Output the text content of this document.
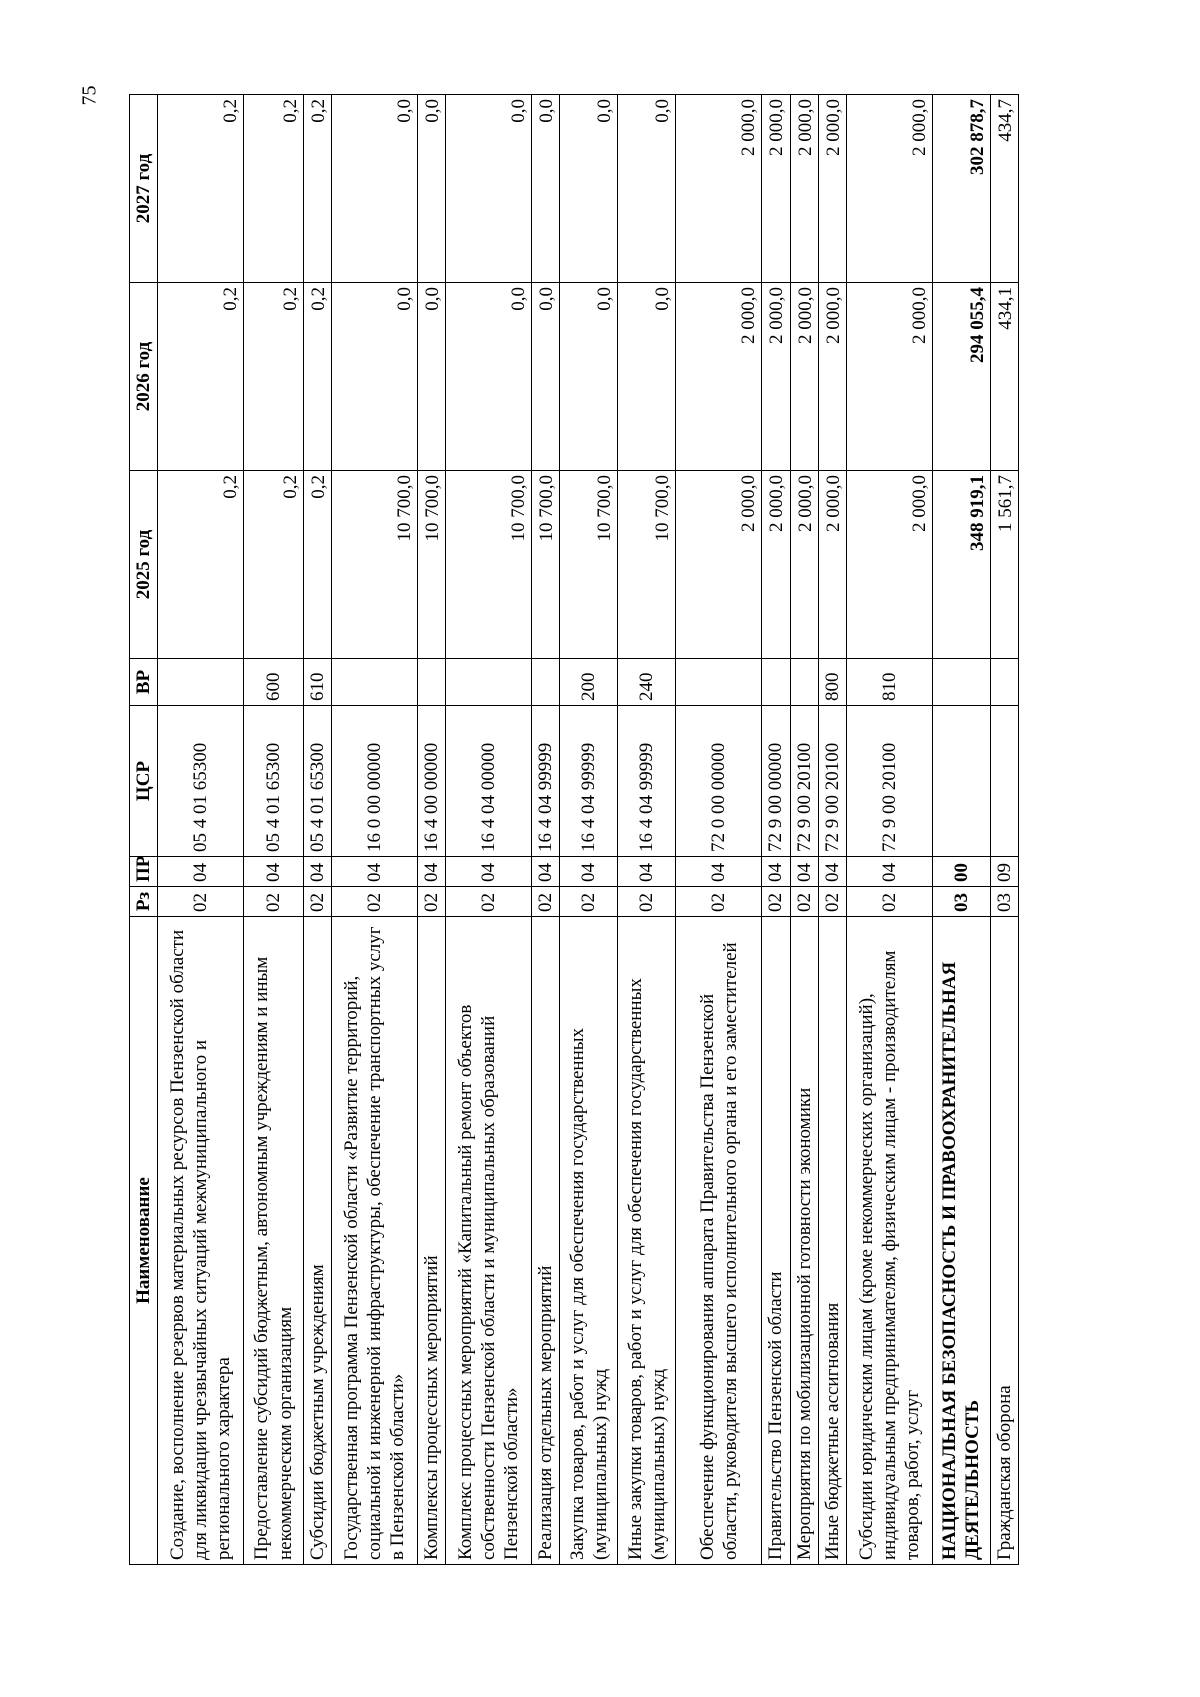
75
Наименование	Рз	ПР	ЦСР	ВР	2025 год	2026 год	2027 год
Создание, восполнение резервов материальных ресурсов Пензенской области для ликвидации чрезвычайных ситуаций межмуниципального и регионального характера	02	04	05 4 01 65300		0,2	0,2	0,2
Предоставление субсидий бюджетным, автономным учреждениям и иным некоммерческим организациям	02	04	05 4 01 65300	600	0,2	0,2	0,2
Субсидии бюджетным учреждениям	02	04	05 4 01 65300	610	0,2	0,2	0,2
Государственная программа Пензенской области «Развитие территорий, социальной и инженерной инфраструктуры, обеспечение транспортных услуг в Пензенской области»	02	04	16 0 00 00000		10 700,0	0,0	0,0
Комплексы процессных мероприятий	02	04	16 4 00 00000		10 700,0	0,0	0,0
Комплекс процессных мероприятий «Капитальный ремонт объектов собственности Пензенской области и муниципальных образований Пензенской области»	02	04	16 4 04 00000		10 700,0	0,0	0,0
Реализация отдельных мероприятий	02	04	16 4 04 99999		10 700,0	0,0	0,0
Закупка товаров, работ и услуг для обеспечения государственных (муниципальных) нужд	02	04	16 4 04 99999	200	10 700,0	0,0	0,0
Иные закупки товаров, работ и услуг для обеспечения государственных (муниципальных) нужд	02	04	16 4 04 99999	240	10 700,0	0,0	0,0
Обеспечение функционирования аппарата Правительства Пензенской области, руководителя высшего исполнительного органа и его заместителей	02	04	72 0 00 00000		2 000,0	2 000,0	2 000,0
Правительство Пензенской области	02	04	72 9 00 00000		2 000,0	2 000,0	2 000,0
Мероприятия по мобилизационной готовности экономики	02	04	72 9 00 20100		2 000,0	2 000,0	2 000,0
Иные бюджетные ассигнования	02	04	72 9 00 20100	800	2 000,0	2 000,0	2 000,0
Субсидии юридическим лицам (кроме некоммерческих организаций), индивидуальным предпринимателям, физическим лицам - производителям товаров, работ, услуг	02	04	72 9 00 20100	810	2 000,0	2 000,0	2 000,0
НАЦИОНАЛЬНАЯ БЕЗОПАСНОСТЬ И ПРАВООХРАНИТЕЛЬНАЯ ДЕЯТЕЛЬНОСТЬ	03	00			348 919,1	294 055,4	302 878,7
Гражданская оборона	03	09			1 561,7	434,1	434,7
